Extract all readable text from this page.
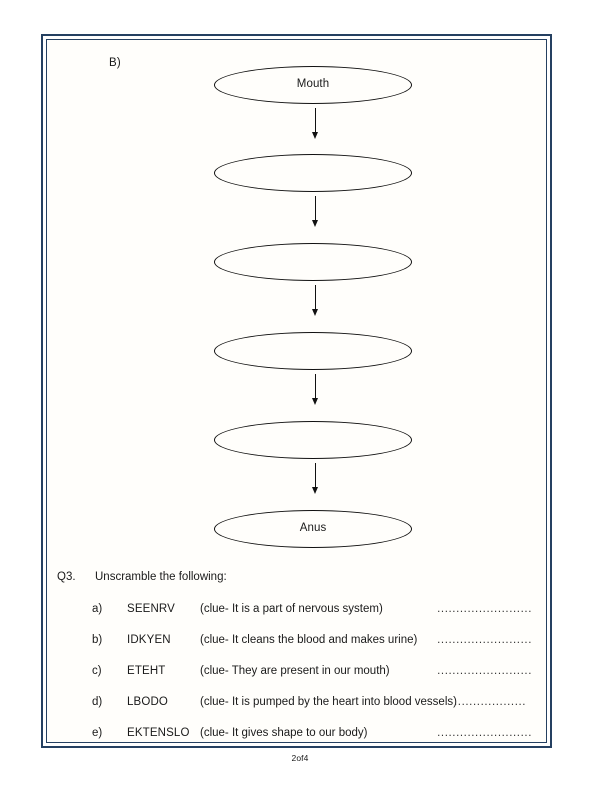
B)
Mouth
Anus
Q3. Unscramble the following:
a) SEENRV (clue- It is a part of nervous system)	.........................
b) IDKYEN	(clue- It cleans the blood and makes urine) .........................
c) ETEHT	(clue- They are present in our mouth)	.........................
d) LBODO	(clue- It is pumped by the heart into blood vessels)
...................
e) EKTENSLO (clue- It gives shape to our body)	.........................
2of4
